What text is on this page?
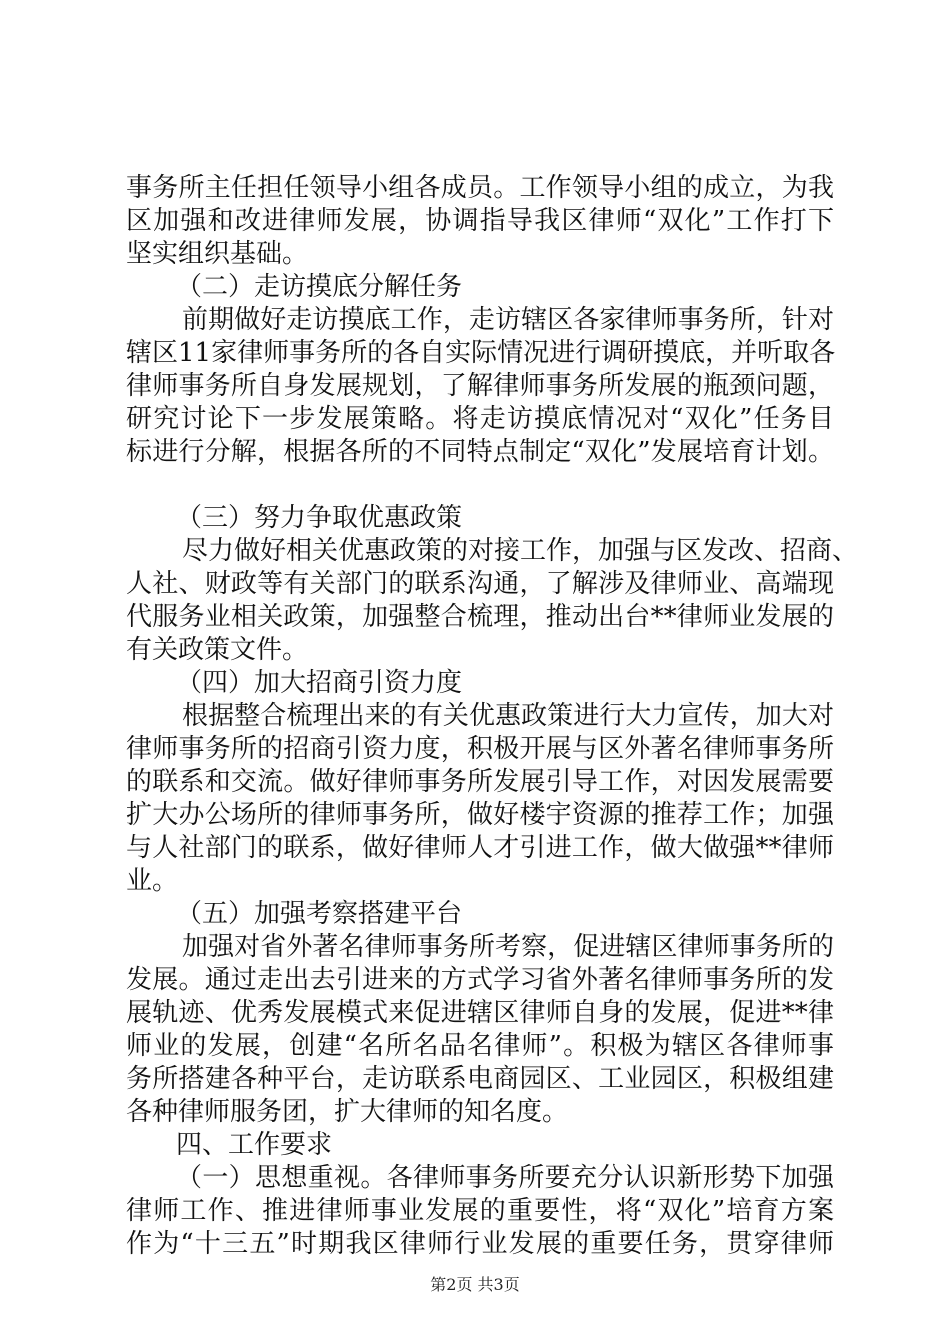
事务所主任担任领导小组各成员。工作领导小组的成立，为我
区加强和改进律师发展，协调指导我区律师“双化”工作打下
坚实组织基础。
（二）走访摸底分解任务
前期做好走访摸底工作，走访辖区各家律师事务所，针对
辖区11家律师事务所的各自实际情况进行调研摸底，并听取各
律师事务所自身发展规划，了解律师事务所发展的瓶颈问题，
研究讨论下一步发展策略。将走访摸底情况对“双化”任务目
标进行分解，根据各所的不同特点制定“双化”发展培育计划。
（三）努力争取优惠政策
尽力做好相关优惠政策的对接工作，加强与区发改、招商、
人社、财政等有关部门的联系沟通，了解涉及律师业、高端现
代服务业相关政策，加强整合梳理，推动出台**律师业发展的
有关政策文件。
（四）加大招商引资力度
根据整合梳理出来的有关优惠政策进行大力宣传，加大对
律师事务所的招商引资力度，积极开展与区外著名律师事务所
的联系和交流。做好律师事务所发展引导工作，对因发展需要
扩大办公场所的律师事务所，做好楼宇资源的推荐工作；加强
与人社部门的联系，做好律师人才引进工作，做大做强**律师
业。
（五）加强考察搭建平台
加强对省外著名律师事务所考察，促进辖区律师事务所的
发展。通过走出去引进来的方式学习省外著名律师事务所的发
展轨迹、优秀发展模式来促进辖区律师自身的发展，促进**律
师业的发展，创建“名所名品名律师”。积极为辖区各律师事
务所搭建各种平台，走访联系电商园区、工业园区，积极组建
各种律师服务团，扩大律师的知名度。
四、工作要求
（一）思想重视。各律师事务所要充分认识新形势下加强
律师工作、推进律师事业发展的重要性，将“双化”培育方案
作为“十三五”时期我区律师行业发展的重要任务，贯穿律师
第2页 共3页
